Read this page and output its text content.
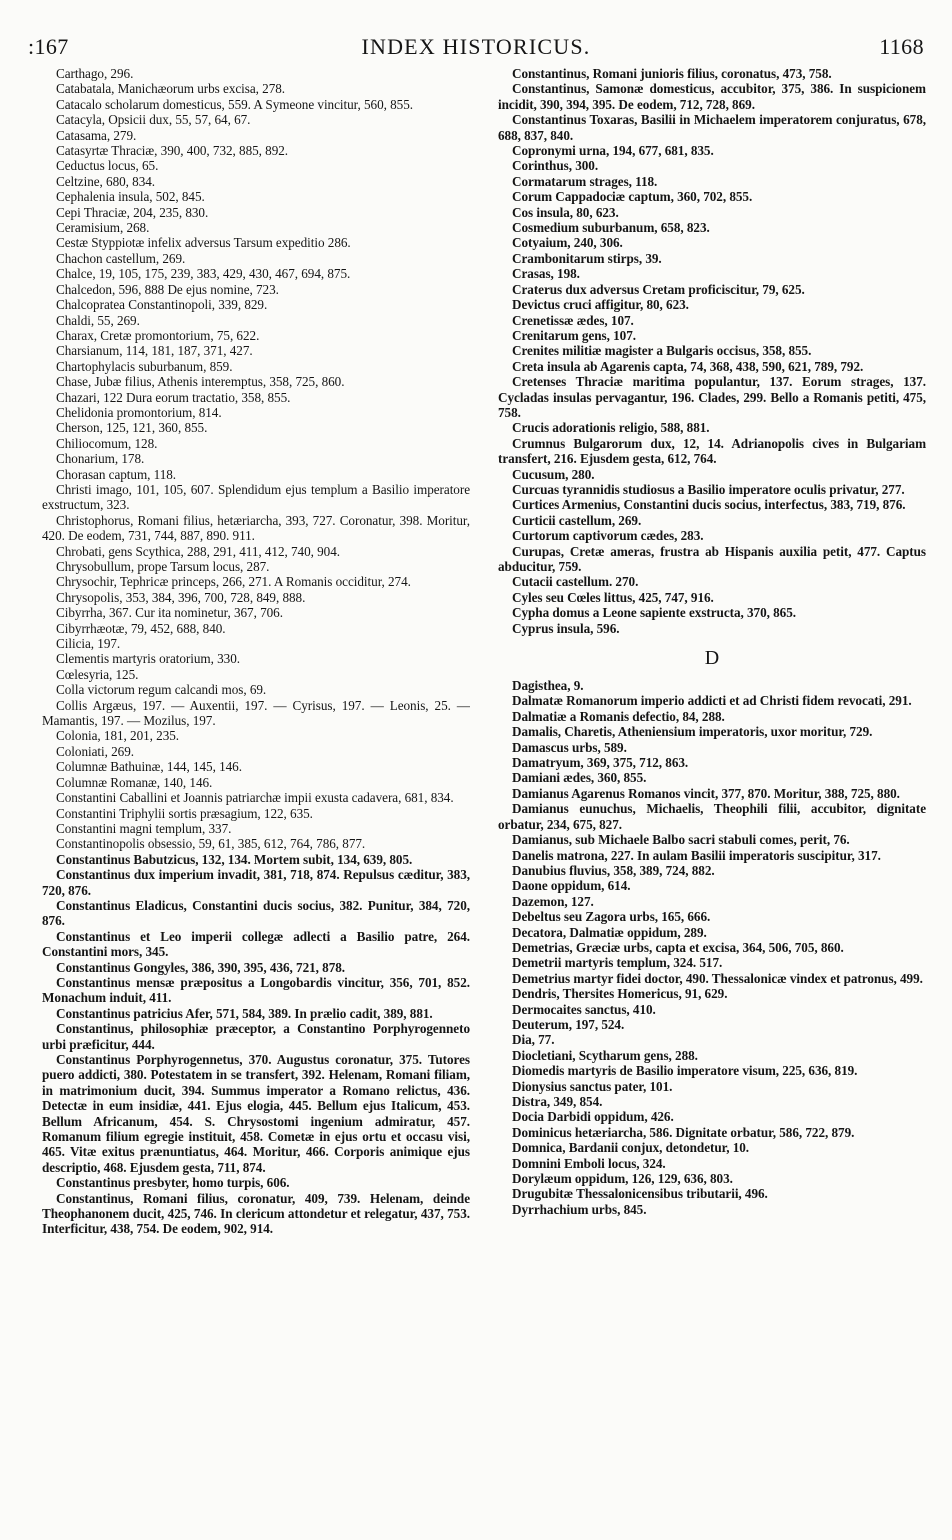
:167	INDEX HISTORICUS.	1168

Carthago, 296.

Catabatala, Manichæorum urbs excisa, 278.

Catacalo scholarum domesticus, 559. A Symeone vincitur, 560, 855.

Catacyla, Opsicii dux, 55, 57, 64, 67.

Catasama, 279.

Catasyrtæ Thraciæ, 390, 400, 732, 885, 892.

Ceductus locus, 65.

Celtzine, 680, 834.

Cephalenia insula, 502, 845.

Cepi Thraciæ, 204, 235, 830.

Ceramisium, 268.

Cestæ Styppiotæ infelix adversus Tarsum expeditio 286.

Chachon castellum, 269.

Chalce, 19, 105, 175, 239, 383, 429, 430, 467, 694, 875.

Chalcedon, 596, 888 De ejus nomine, 723.

Chalcopratea Constantinopoli, 339, 829.

Chaldi, 55, 269.

Charax, Cretæ promontorium, 75, 622.

Charsianum, 114, 181, 187, 371, 427.

Chartophylacis suburbanum, 859.

Chase, Jubæ filius, Athenis interemptus, 358, 725, 860.

Chazari, 122 Dura eorum tractatio, 358, 855.

Chelidonia promontorium, 814.

Cherson, 125, 121, 360, 855.

Chiliocomum, 128.

Chonarium, 178.

Chorasan captum, 118.

Christi imago, 101, 105, 607. Splendidum ejus templum a Basilio imperatore exstructum, 323.

Christophorus, Romani filius, hetæriarcha, 393, 727. Coronatur, 398. Moritur, 420. De eodem, 731, 744, 887, 890. 911.

Chrobati, gens Scythica, 288, 291, 411, 412, 740, 904.

Chrysobullum, prope Tarsum locus, 287.

Chrysochir, Tephricæ princeps, 266, 271. A Romanis occiditur, 274.

Chrysopolis, 353, 384, 396, 700, 728, 849, 888.

Cibyrrha, 367. Cur ita nominetur, 367, 706.

Cibyrrhæotæ, 79, 452, 688, 840.

Cilicia, 197.

Clementis martyris oratorium, 330.

Cœlesyria, 125.

Colla victorum regum calcandi mos, 69.

Collis Argæus, 197. — Auxentii, 197. — Cyrisus, 197. — Leonis, 25. — Mamantis, 197. — Mozilus, 197.

Colonia, 181, 201, 235.

Coloniati, 269.

Columnæ Bathuinæ, 144, 145, 146.

Columnæ Romanæ, 140, 146.

Constantini Caballini et Joannis patriarchæ impii exusta cadavera, 681, 834.

Constantini Triphylii sortis præsagium, 122, 635.

Constantini magni templum, 337.

Constantinopolis obsessio, 59, 61, 385, 612, 764, 786, 877.

Constantinus Babutzicus, 132, 134. Mortem subit, 134, 639, 805.

Constantinus dux imperium invadit, 381, 718, 874. Repulsus cæditur, 383, 720, 876.

Constantinus Eladicus, Constantini ducis socius, 382. Punitur, 384, 720, 876.

Constantinus et Leo imperii collegæ adlecti a Basilio patre, 264. Constantini mors, 345.

Constantinus Gongyles, 386, 390, 395, 436, 721, 878.

Constantinus mensæ præpositus a Longobardis vincitur, 356, 701, 852. Monachum induit, 411.

Constantinus patricius Afer, 571, 584, 389. In prælio cadit, 389, 881.

Constantinus, philosophiæ præceptor, a Constantino Porphyrogenneto urbi præficitur, 444.

Constantinus Porphyrogennetus, 370. Augustus coronatur, 375. Tutores puero addicti, 380. Potestatem in se transfert, 392. Helenam, Romani filiam, in matrimonium ducit, 394. Summus imperator a Romano relictus, 436. Detectæ in eum insidiæ, 441. Ejus elogia, 445. Bellum ejus Italicum, 453. Bellum Africanum, 454. S. Chrysostomi ingenium admiratur, 457. Romanum filium egregie instituit, 458. Cometæ in ejus ortu et occasu visi, 465. Vitæ exitus prænuntiatus, 464. Moritur, 466. Corporis animique ejus descriptio, 468. Ejusdem gesta, 711, 874.

Constantinus presbyter, homo turpis, 606.

Constantinus, Romani filius, coronatur, 409, 739. Helenam, deinde Theophanonem ducit, 425, 746. In clericum attondetur et relegatur, 437, 753. Interficitur, 438, 754. De eodem, 902, 914.

Constantinus, Romani junioris filius, coronatus, 473, 758.

Constantinus, Samonæ domesticus, accubitor, 375, 386. In suspicionem incidit, 390, 394, 395. De eodem, 712, 728, 869.

Constantinus Toxaras, Basilii in Michaelem imperatorem conjuratus, 678, 688, 837, 840.

Copronymi urna, 194, 677, 681, 835.

Corinthus, 300.

Cormatarum strages, 118.

Corum Cappadociæ captum, 360, 702, 855.

Cos insula, 80, 623.

Cosmedium suburbanum, 658, 823.

Cotyaium, 240, 306.

Crambonitarum stirps, 39.

Crasas, 198.

Craterus dux adversus Cretam proficiscitur, 79, 625.

Devictus cruci affigitur, 80, 623.

Crenetissæ ædes, 107.

Crenitarum gens, 107.

Crenites militiæ magister a Bulgaris occisus, 358, 855.

Creta insula ab Agarenis capta, 74, 368, 438, 590, 621, 789, 792.

Cretenses Thraciæ maritima populantur, 137. Eorum strages, 137. Cycladas insulas pervagantur, 196. Clades, 299. Bello a Romanis petiti, 475, 758.

Crucis adorationis religio, 588, 881.

Crumnus Bulgarorum dux, 12, 14. Adrianopolis cives in Bulgariam transfert, 216. Ejusdem gesta, 612, 764.

Cucusum, 280.

Curcuas tyrannidis studiosus a Basilio imperatore oculis privatur, 277.

Curtices Armenius, Constantini ducis socius, interfectus, 383, 719, 876.

Curticii castellum, 269.

Curtorum captivorum cædes, 283.

Curupas, Cretæ ameras, frustra ab Hispanis auxilia petit, 477. Captus abducitur, 759.

Cutacii castellum. 270.

Cyles seu Cœles littus, 425, 747, 916.

Cypha domus a Leone sapiente exstructa, 370, 865.

Cyprus insula, 596.

D

Dagisthea, 9.

Dalmatæ Romanorum imperio addicti et ad Christi fidem revocati, 291.

Dalmatiæ a Romanis defectio, 84, 288.

Damalis, Charetis, Atheniensium imperatoris, uxor moritur, 729.

Damascus urbs, 589.

Damatryum, 369, 375, 712, 863.

Damiani ædes, 360, 855.

Damianus Agarenus Romanos vincit, 377, 870. Moritur, 388, 725, 880.

Damianus eunuchus, Michaelis, Theophili filii, accubitor, dignitate orbatur, 234, 675, 827.

Damianus, sub Michaele Balbo sacri stabuli comes, perit, 76.

Danelis matrona, 227. In aulam Basilii imperatoris suscipitur, 317.

Danubius fluvius, 358, 389, 724, 882.

Daone oppidum, 614.

Dazemon, 127.

Debeltus seu Zagora urbs, 165, 666.

Decatora, Dalmatiæ oppidum, 289.

Demetrias, Græciæ urbs, capta et excisa, 364, 506, 705, 860.

Demetrii martyris templum, 324. 517.

Demetrius martyr fidei doctor, 490. Thessalonicæ vindex et patronus, 499.

Dendris, Thersites Homericus, 91, 629.

Dermocaites sanctus, 410.

Deuterum, 197, 524.

Dia, 77.

Diocletiani, Scytharum gens, 288.

Diomedis martyris de Basilio imperatore visum, 225, 636, 819.

Dionysius sanctus pater, 101.

Distra, 349, 854.

Docia Darbidi oppidum, 426.

Dominicus hetæriarcha, 586. Dignitate orbatur, 586, 722, 879.

Domnica, Bardanii conjux, detondetur, 10.

Domnini Emboli locus, 324.

Dorylæum oppidum, 126, 129, 636, 803.

Drugubitæ Thessalonicensibus tributarii, 496.

Dyrrhachium urbs, 845.
